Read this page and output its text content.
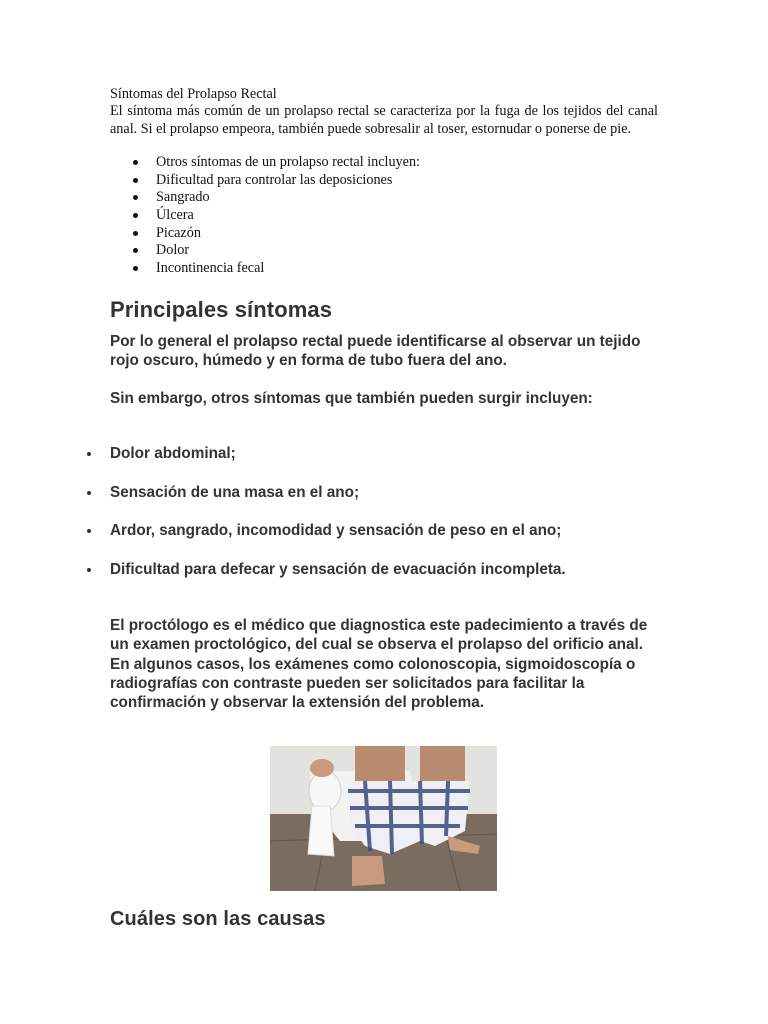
Síntomas del Prolapso Rectal
El síntoma más común de un prolapso rectal se caracteriza por la fuga de los tejidos del canal anal. Si el prolapso empeora, también puede sobresalir al toser, estornudar o ponerse de pie.
Otros síntomas de un prolapso rectal incluyen:
Dificultad para controlar las deposiciones
Sangrado
Úlcera
Picazón
Dolor
Incontinencia fecal
Principales síntomas
Por lo general el prolapso rectal puede identificarse al observar un tejido rojo oscuro, húmedo y en forma de tubo fuera del ano.
Sin embargo, otros síntomas que también pueden surgir incluyen:
Dolor abdominal;
Sensación de una masa en el ano;
Ardor, sangrado, incomodidad y sensación de peso en el ano;
Dificultad para defecar y sensación de evacuación incompleta.
El proctólogo es el médico que diagnostica este padecimiento a través de un examen proctológico, del cual se observa el prolapso del orificio anal. En algunos casos, los exámenes como colonoscopia, sigmoidoscopía o radiografías con contraste pueden ser solicitados para facilitar la confirmación y observar la extensión del problema.
Cuáles son las causas
